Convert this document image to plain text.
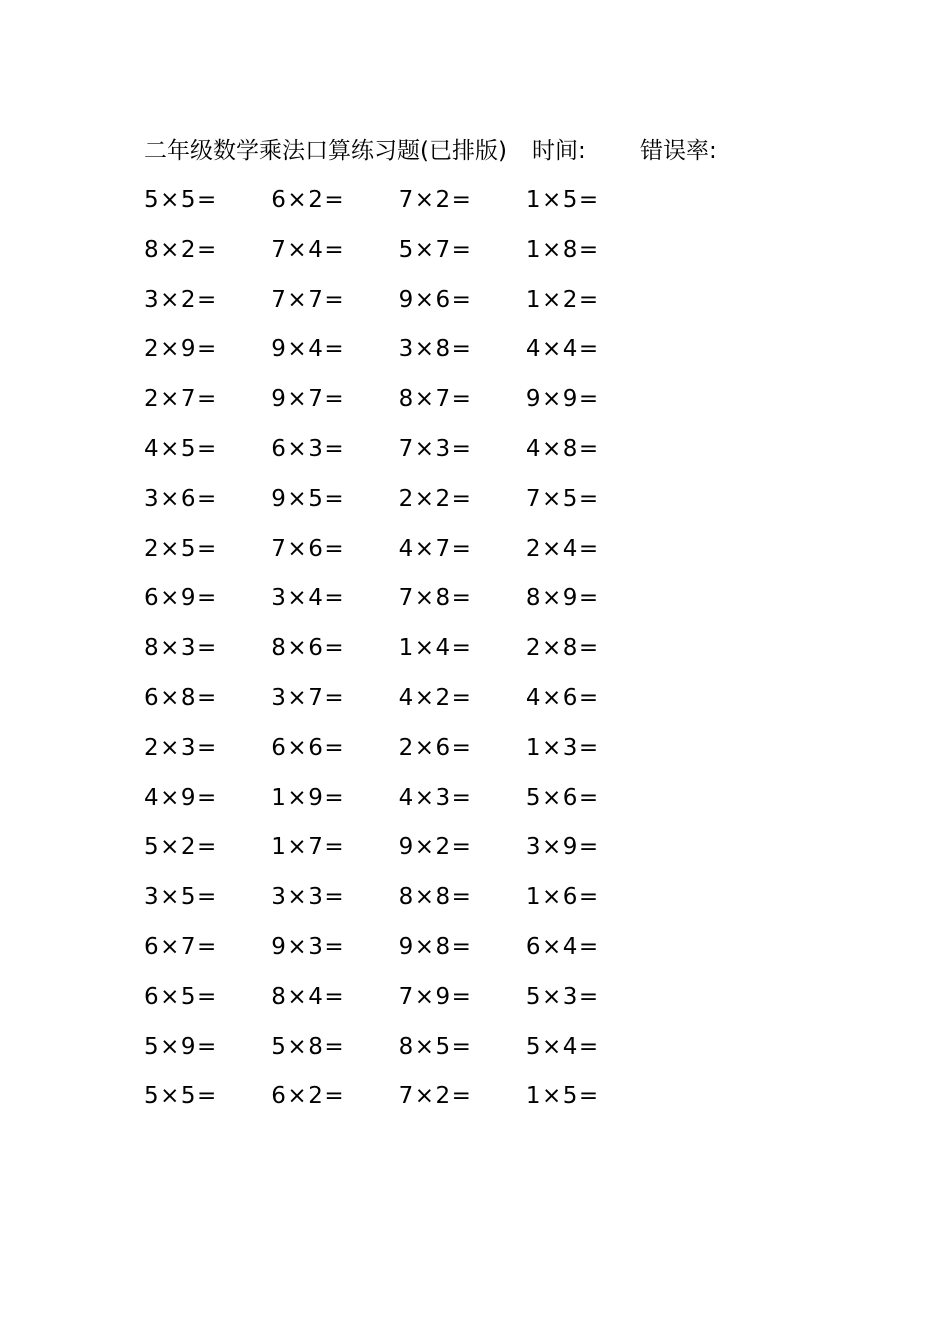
二年级数学乘法口算练习题(已排版) 时间: 错误率:
5×5=	6×2=	7×2=	1×5=
8×2=	7×4=	5×7=	1×8=
3×2=	7×7=	9×6=	1×2=
2×9=	9×4=	3×8=	4×4=
2×7=	9×7=	8×7=	9×9=
4×5=	6×3=	7×3=	4×8=
3×6=	9×5=	2×2=	7×5=
2×5=	7×6=	4×7=	2×4=
6×9=	3×4=	7×8=	8×9=
8×3=	8×6=	1×4=	2×8=
6×8=	3×7=	4×2=	4×6=
2×3=	6×6=	2×6=	1×3=
4×9=	1×9=	4×3=	5×6=
5×2=	1×7=	9×2=	3×9=
3×5=	3×3=	8×8=	1×6=
6×7=	9×3=	9×8=	6×4=
6×5=	8×4=	7×9=	5×3=
5×9=	5×8=	8×5=	5×4=
5×5=	6×2=	7×2=	1×5=
